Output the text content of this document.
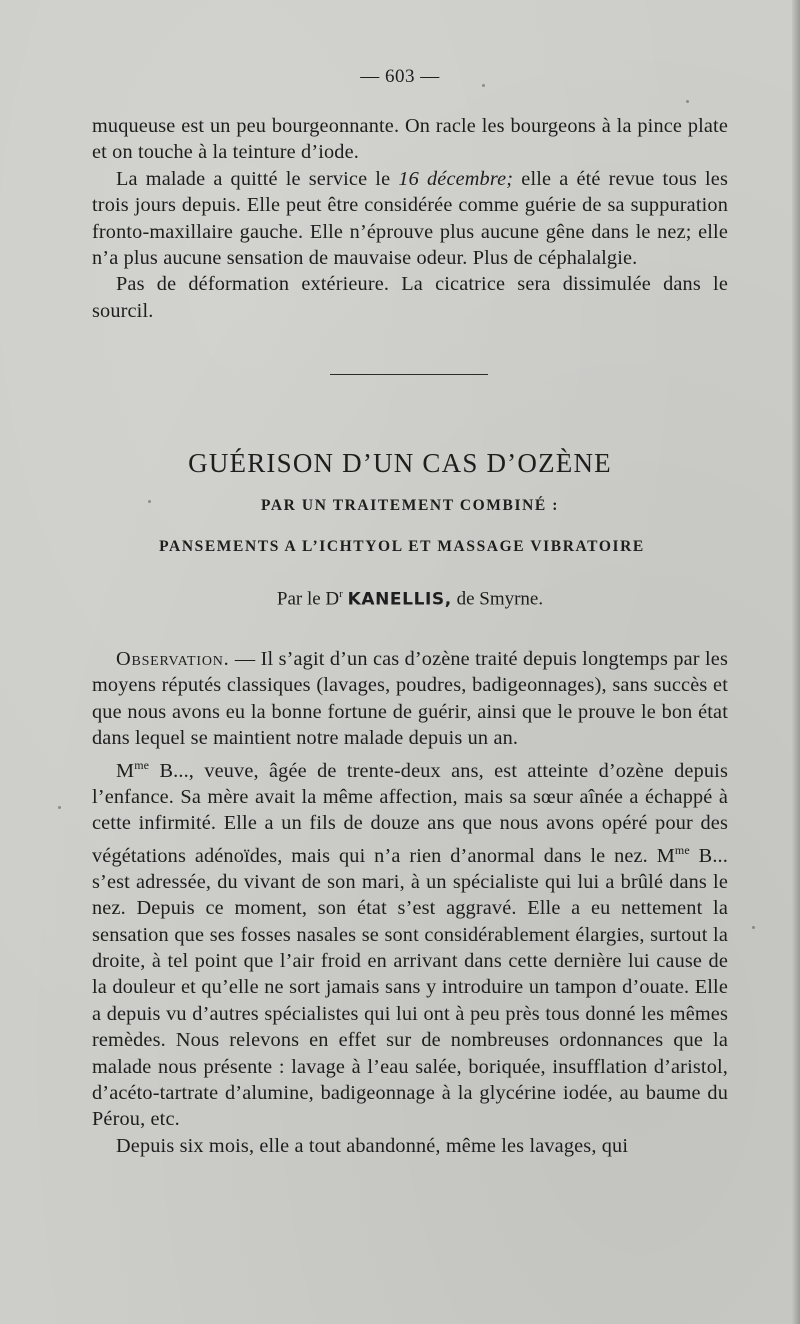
— 603 —

muqueuse est un peu bourgeonnante. On racle les bourgeons à la pince plate et on touche à la teinture d’iode.

La malade a quitté le service le 16 décembre; elle a été revue tous les trois jours depuis. Elle peut être considérée comme guérie de sa suppuration fronto-maxillaire gauche. Elle n’éprouve plus aucune gêne dans le nez; elle n’a plus aucune sensation de mauvaise odeur. Plus de céphalalgie.

Pas de déformation extérieure. La cicatrice sera dissimulée dans le sourcil.

GUÉRISON D’UN CAS D’OZÈNE
PAR UN TRAITEMENT COMBINÉ :
PANSEMENTS A L’ICHTYOL ET MASSAGE VIBRATOIRE
Par le $D^r$ KANELLIS, de Smyrne.

Observation. — Il s’agit d’un cas d’ozène traité depuis longtemps par les moyens réputés classiques (lavages, poudres, badigeonnages), sans succès et que nous avons eu la bonne fortune de guérir, ainsi que le prouve le bon état dans lequel se maintient notre malade depuis un an.

$M^{me}$ B..., veuve, âgée de trente-deux ans, est atteinte d’ozène depuis l’enfance. Sa mère avait la même affection, mais sa sœur aînée a échappé à cette infirmité. Elle a un fils de douze ans que nous avons opéré pour des végétations adénoïdes, mais qui n’a rien d’anormal dans le nez. $M^{me}$ B... s’est adressée, du vivant de son mari, à un spécialiste qui lui a brûlé dans le nez. Depuis ce moment, son état s’est aggravé. Elle a eu nettement la sensation que ses fosses nasales se sont considérablement élargies, surtout la droite, à tel point que l’air froid en arrivant dans cette dernière lui cause de la douleur et qu’elle ne sort jamais sans y introduire un tampon d’ouate. Elle a depuis vu d’autres spécialistes qui lui ont à peu près tous donné les mêmes remèdes. Nous relevons en effet sur de nombreuses ordonnances que la malade nous présente : lavage à l’eau salée, boriquée, insufflation d’aristol, d’acéto-tartrate d’alumine, badigeonnage à la glycérine iodée, au baume du Pérou, etc.

Depuis six mois, elle a tout abandonné, même les lavages, qui
